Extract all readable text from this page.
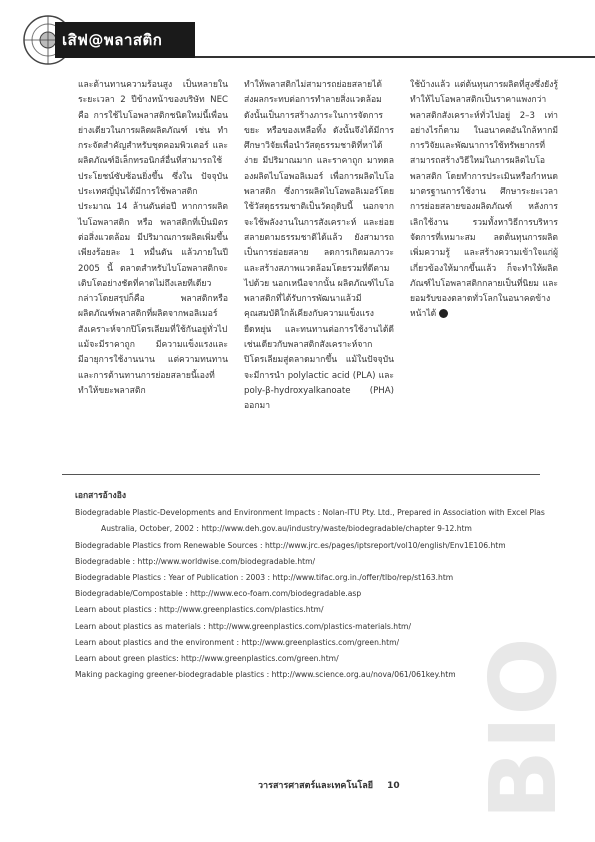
เสิฟ@พลาสติก

และต้านทานความร้อนสูง เป็นหลายในระยะเวลา 2 ปีข้างหน้าของบริษัท NEC คือ การใช้ไบโอพลาสติกชนิดใหม่นี้เพื่อนย่างเดียวในการผลิตผลิตภัณฑ์ เช่น ทำกระจัดสำคัญสำหรับชุดคอมพิวเตอร์ และผลิตภัณฑ์อิเล็กทรอนิกส์อื่นที่สามารถใช้ประโยชน์ซับซ้อนยิ่งขึ้น ซึ่งใน ปัจจุบัน ประเทศญี่ปุ่นได้มีการใช้พลาสติกประมาณ 14 ล้านตันต่อปี หากการผลิตไบโอพลาสติก หรือ พลาสติกที่เป็นมิตรต่อสิ่งแวดล้อม มีปริมาณการผลิตเพิ่มขึ้นเพียงร้อยละ 1 หมื่นตัน แล้วภายในปี 2005 นี้ ตลาดสำหรับไบโอพลาสติกจะเติบโตอย่างชัดที่คาดไม่ถึงเลยทีเดียว กล่าวโดยสรุปก็คือ พลาสติกหรือผลิตภัณฑ์พลาสติกที่ผลิตจากพอลิเมอร์สังเคราะห์จากปิโตรเลียมที่ใช้กันอยู่ทั่วไป แม้จะมีราคาถูก มีความแข็งแรงและมีอายุการใช้งานนาน แต่ความทนทานและการต้านทานการย่อยสลายนี้เองที่ทำให้ขยะพลาสติก

ทำให้พลาสติกไม่สามารถย่อยสลายได้ ส่งผลกระทบต่อการทำลายสิ่งแวดล้อม ดังนั้นเป็นการสร้างภาระในการจัดการขยะ หรือของเหลือทิ้ง ดังนั้นจึงได้มีการศึกษาวิจัยเพื่อนำวัสดุธรรมชาติที่หาได้ง่าย มีปริมาณมาก และราคาถูก มาทดลองผลิตไบโอพอลิเมอร์ เพื่อการผลิตไบโอพลาสติก ซึ่งการผลิตไบโอพอลิเมอร์โดยใช้วัสดุธรรมชาติเป็นวัตถุดิบนี้ นอกจากจะใช้พลังงานในการสังเคราะห์ และย่อยสลายตามธรรมชาติได้แล้ว ยังสามารถเป็นการย่อยสลาย ลดการเกิดมลภาวะและสร้างสภาพแวดล้อมโดยรวมที่ดีตามไปด้วย นอกเหนือจากนั้น ผลิตภัณฑ์ไบโอพลาสติกที่ได้รับการพัฒนาแล้วมีคุณสมบัติใกล้เคียงกับความแข็งแรง ยืดหยุ่น และทนทานต่อการใช้งานได้ดีเช่นเดียวกับพลาสติกสังเคราะห์จากปิโตรเลียมสู่ตลาดมากขึ้น แม้ในปัจจุบันจะมีการนำ polylactic acid (PLA) และ poly-β-hydroxyalkanoate (PHA) ออกมา

ใช้บ้างแล้ว แต่ต้นทุนการผลิตที่สูงซึ่งยังรู้ ทำให้ไบโอพลาสติกเป็นราคาแพงกว่าพลาสติกสังเคราะห์ทั่วไปอยู่ 2–3 เท่า อย่างไรก็ตาม ในอนาคตอันใกล้หากมีการวิจัยและพัฒนาการใช้ทรัพยากรที่สามารถสร้างวิธีใหม่ในการผลิตไบโอพลาสติก โดยทำการประเมินหรือกำหนดมาตรฐานการใช้งาน ศึกษาระยะเวลาการย่อยสลายของผลิตภัณฑ์ หลังการเลิกใช้งาน รวมทั้งหาวิธีการบริหารจัดการที่เหมาะสม ลดต้นทุนการผลิต เพิ่มความรู้ และสร้างความเข้าใจแก่ผู้เกี่ยวข้องให้มากขึ้นแล้ว ก็จะทำให้ผลิตภัณฑ์ไบโอพลาสติกกลายเป็นที่นิยม และยอมรับของตลาดทั่วโลกในอนาคตข้างหน้าได้

BIO
เอกสารอ้างอิง

Biodegradable Plastic-Developments and Environment Impacts : Nolan-ITU Pty. Ltd., Prepared in Association with Excel Plas Australia, October, 2002 : http://www.deh.gov.au/industry/waste/biodegradable/chapter 9-12.htm

Biodegradable Plastics from Renewable Sources : http://www.jrc.es/pages/iptsreport/vol10/english/Env1E106.htm

Biodegradable : http://www.worldwise.com/biodegradable.htm/

Biodegradable Plastics : Year of Publication : 2003 : http://www.tifac.org.in./offer/tlbo/rep/st163.htm

Biodegradable/Compostable : http://www.eco-foam.com/biodegradable.asp

Learn about plastics : http://www.greenplastics.com/plastics.htm/

Learn about plastics as materials : http://www.greenplastics.com/plastics-materials.htm/

Learn about plastics and the environment : http://www.greenplastics.com/green.htm/

Learn about green plastics: http://www.greenplastics.com/green.htm/

Making packaging greener-biodegradable plastics : http://www.science.org.au/nova/061/061key.htm

วารสารศาสตร์และเทคโนโลยี 10
